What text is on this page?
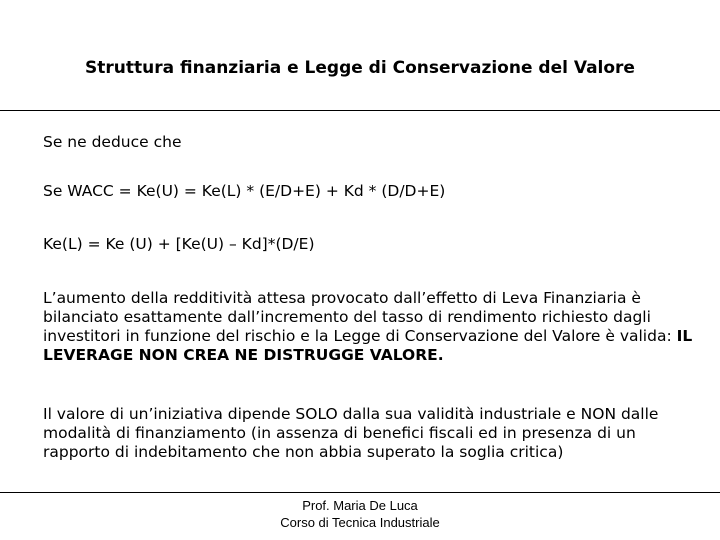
Struttura finanziaria e Legge di Conservazione del Valore
Se ne deduce che
Se WACC = Ke(U) = Ke(L) * (E/D+E) + Kd * (D/D+E)
Ke(L) = Ke (U) + [Ke(U) – Kd]*(D/E)
L’aumento della redditività attesa provocato dall’effetto di Leva Finanziaria è bilanciato esattamente dall’incremento del tasso di rendimento richiesto dagli investitori in funzione del rischio e la Legge di Conservazione del Valore è valida: IL LEVERAGE NON CREA NE DISTRUGGE VALORE.
Il valore di un’iniziativa dipende SOLO dalla sua validità industriale e NON dalle modalità di finanziamento (in assenza di benefici fiscali ed in presenza di un rapporto di indebitamento che non abbia superato la soglia critica)
Prof. Maria De Luca
Corso di Tecnica Industriale
